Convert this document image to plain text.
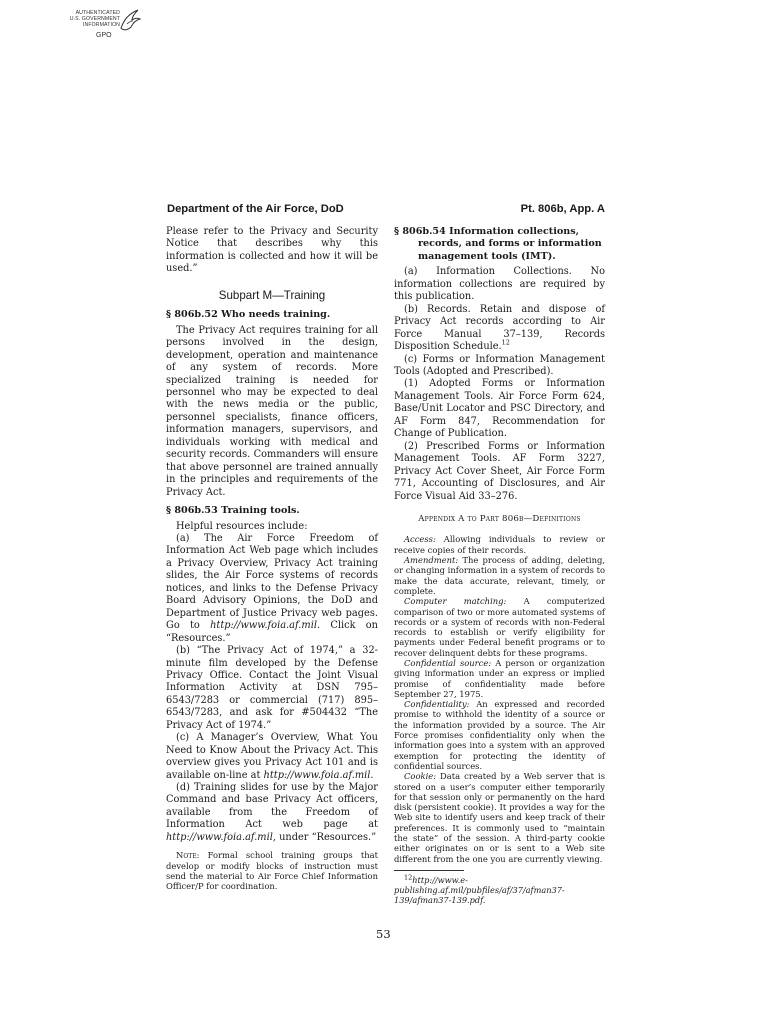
AUTHENTICATED
U.S. GOVERNMENT
INFORMATION
GPO
Department of the Air Force, DoD	Pt. 806b, App. A

Please refer to the Privacy and Security Notice that describes why this information is collected and how it will be used.”

Subpart M—Training
§ 806b.52 Who needs training.

The Privacy Act requires training for all persons involved in the design, development, operation and maintenance of any system of records. More specialized training is needed for personnel who may be expected to deal with the news media or the public, personnel specialists, finance officers, information managers, supervisors, and individuals working with medical and security records. Commanders will ensure that above personnel are trained annually in the principles and requirements of the Privacy Act.

§ 806b.53 Training tools.

Helpful resources include:

(a) The Air Force Freedom of Information Act Web page which includes a Privacy Overview, Privacy Act training slides, the Air Force systems of records notices, and links to the Defense Privacy Board Advisory Opinions, the DoD and Department of Justice Privacy web pages. Go to http://www.foia.af.mil. Click on “Resources.”

(b) “The Privacy Act of 1974,” a 32-minute film developed by the Defense Privacy Office. Contact the Joint Visual Information Activity at DSN 795–6543/7283 or commercial (717) 895–6543/7283, and ask for #504432 “The Privacy Act of 1974.”

(c) A Manager’s Overview, What You Need to Know About the Privacy Act. This overview gives you Privacy Act 101 and is available on-line at http://www.foia.af.mil.

(d) Training slides for use by the Major Command and base Privacy Act officers, available from the Freedom of Information Act web page at http://www.foia.af.mil, under “Resources.”

Note: Formal school training groups that develop or modify blocks of instruction must send the material to Air Force Chief Information Officer/P for coordination.

§ 806b.54 Information collections, records, and forms or information management tools (IMT).

(a) Information Collections. No information collections are required by this publication.

(b) Records. Retain and dispose of Privacy Act records according to Air Force Manual 37–139, Records Disposition Schedule.$^{12}$

(c) Forms or Information Management Tools (Adopted and Prescribed).

(1) Adopted Forms or Information Management Tools. Air Force Form 624, Base/Unit Locator and PSC Directory, and AF Form 847, Recommendation for Change of Publication.

(2) Prescribed Forms or Information Management Tools. AF Form 3227, Privacy Act Cover Sheet, Air Force Form 771, Accounting of Disclosures, and Air Force Visual Aid 33–276.

Appendix A to Part 806b—Definitions

Access: Allowing individuals to review or receive copies of their records.

Amendment: The process of adding, deleting, or changing information in a system of records to make the data accurate, relevant, timely, or complete.

Computer matching: A computerized comparison of two or more automated systems of records or a system of records with non-Federal records to establish or verify eligibility for payments under Federal benefit programs or to recover delinquent debts for these programs.

Confidential source: A person or organization giving information under an express or implied promise of confidentiality made before September 27, 1975.

Confidentiality: An expressed and recorded promise to withhold the identity of a source or the information provided by a source. The Air Force promises confidentiality only when the information goes into a system with an approved exemption for protecting the identity of confidential sources.

Cookie: Data created by a Web server that is stored on a user’s computer either temporarily for that session only or permanently on the hard disk (persistent cookie). It provides a way for the Web site to identify users and keep track of their preferences. It is commonly used to “maintain the state” of the session. A third-party cookie either originates on or is sent to a Web site different from the one you are currently viewing.

$^{12}$http://www.e-publishing.af.mil/pubfiles/af/37/afman37-139/afman37-139.pdf.
53
